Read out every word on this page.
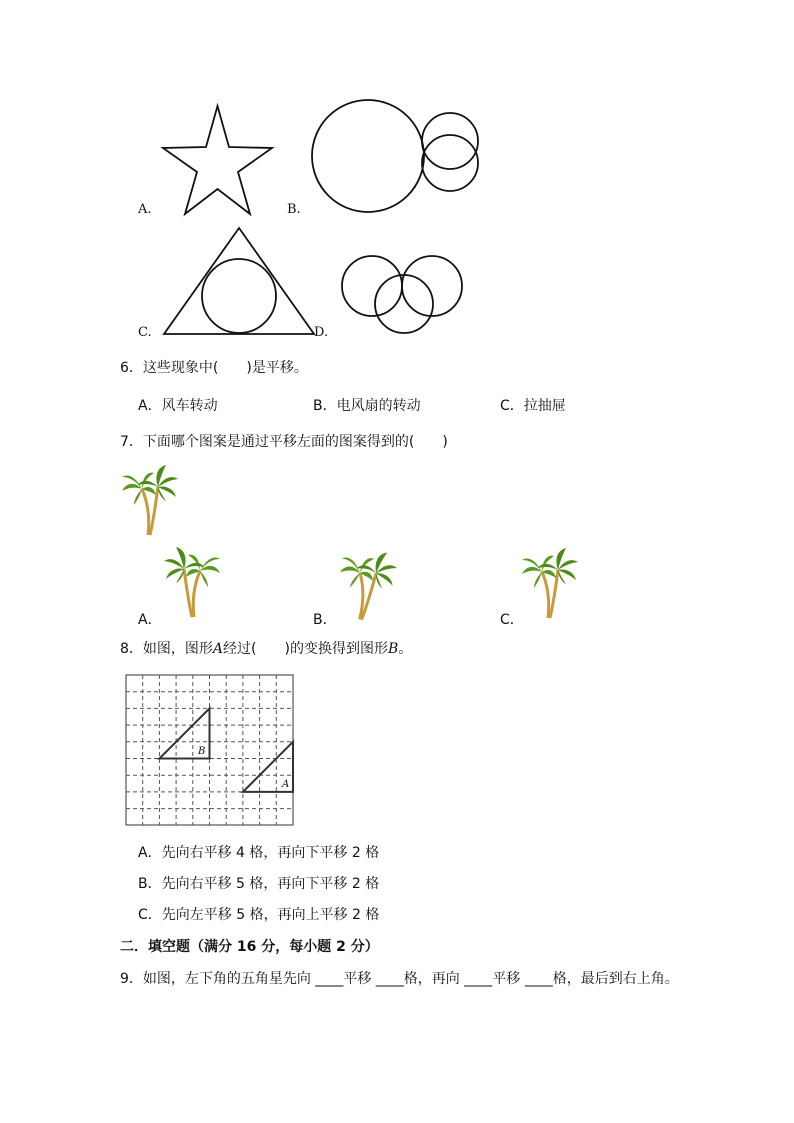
A.	B.
C.	D.
6．这些现象中(　　)是平移。
A．风车转动	B．电风扇的转动	C．拉抽屉
7．下面哪个图案是通过平移左面的图案得到的(　　)
A．	B．	C．
8．如图，图形A经过(　　)的变换得到图形B。
B
A
A．先向右平移 4 格，再向下平移 2 格
B．先向右平移 5 格，再向下平移 2 格
C．先向左平移 5 格，再向上平移 2 格
二．填空题（满分 16 分，每小题 2 分）
9．如图，左下角的五角星先向 ____平移 ____格，再向 ____平移 ____格，最后到右上角。
